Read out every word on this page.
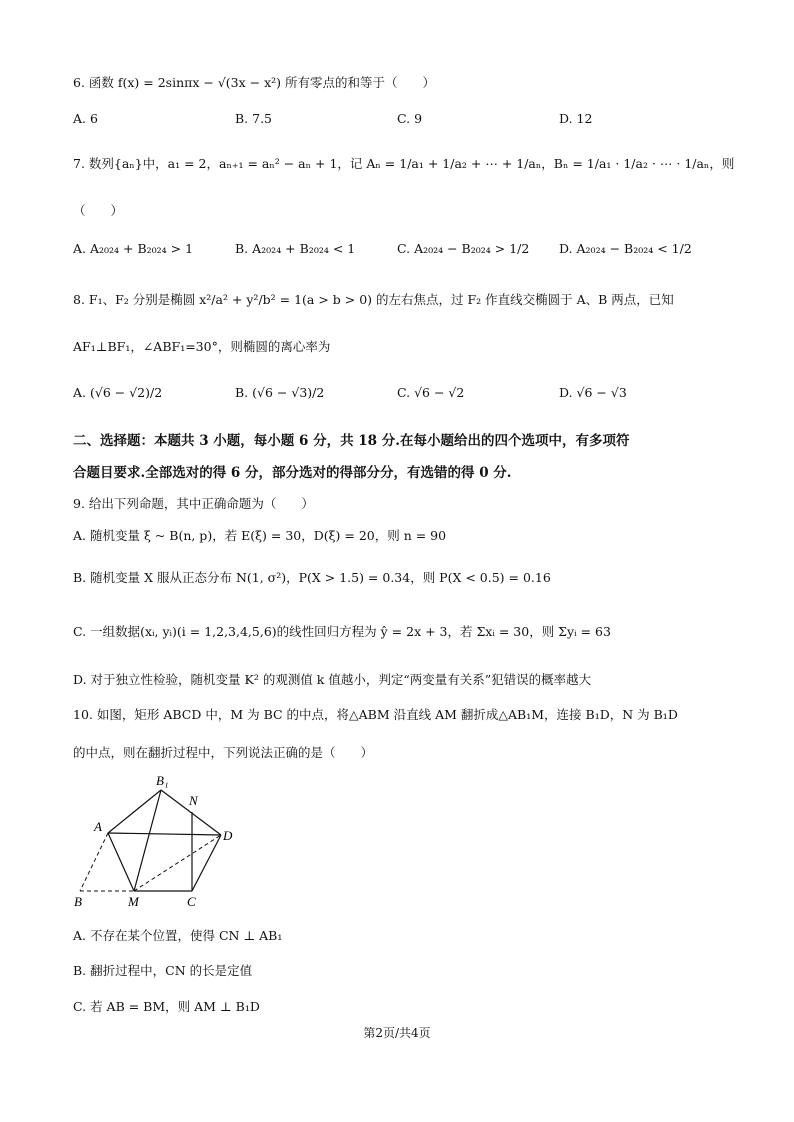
6. 函数 f(x) = 2sinπx − √(3x − x²) 所有零点的和等于（　　）
A. 6	B. 7.5	C. 9	D. 12
7. 数列{aₙ}中，a₁ = 2，aₙ₊₁ = aₙ² − aₙ + 1，记 Aₙ = 1/a₁ + 1/a₂ + ⋯ + 1/aₙ，Bₙ = 1/a₁ · 1/a₂ · ⋯ · 1/aₙ，则
（　　）
A. A₂₀₂₄ + B₂₀₂₄ > 1	B. A₂₀₂₄ + B₂₀₂₄ < 1	C. A₂₀₂₄ − B₂₀₂₄ > 1/2 D. A₂₀₂₄ − B₂₀₂₄ < 1/2
8. F₁、F₂ 分别是椭圆 x²/a² + y²/b² = 1(a > b > 0) 的左右焦点，过 F₂ 作直线交椭圆于 A、B 两点，已知
AF₁⊥BF₁，∠ABF₁=30°，则椭圆的离心率为
A. (√6 − √2)/2	B. (√6 − √3)/2	C. √6 − √2	D. √6 − √3
二、选择题：本题共 3 小题，每小题 6 分，共 18 分.在每小题给出的四个选项中，有多项符
合题目要求.全部选对的得 6 分，部分选对的得部分分，有选错的得 0 分.
9. 给出下列命题，其中正确命题为（　　）
A. 随机变量 ξ ~ B(n, p)，若 E(ξ) = 30，D(ξ) = 20，则 n = 90
B. 随机变量 X 服从正态分布 N(1, σ²)，P(X > 1.5) = 0.34，则 P(X < 0.5) = 0.16
C. 一组数据(xᵢ, yᵢ)(i = 1,2,3,4,5,6)的线性回归方程为 ŷ = 2x + 3，若 Σxᵢ = 30，则 Σyᵢ = 63
D. 对于独立性检验，随机变量 K² 的观测值 k 值越小，判定“两变量有关系”犯错误的概率越大
10. 如图，矩形 ABCD 中，M 为 BC 的中点，将△ABM 沿直线 AM 翻折成△AB₁M，连接 B₁D，N 为 B₁D
的中点，则在翻折过程中，下列说法正确的是（　　）
B₁
N
A
D
B	M	C
A. 不存在某个位置，使得 CN ⊥ AB₁
B. 翻折过程中，CN 的长是定值
C. 若 AB = BM，则 AM ⊥ B₁D
第2页/共4页
